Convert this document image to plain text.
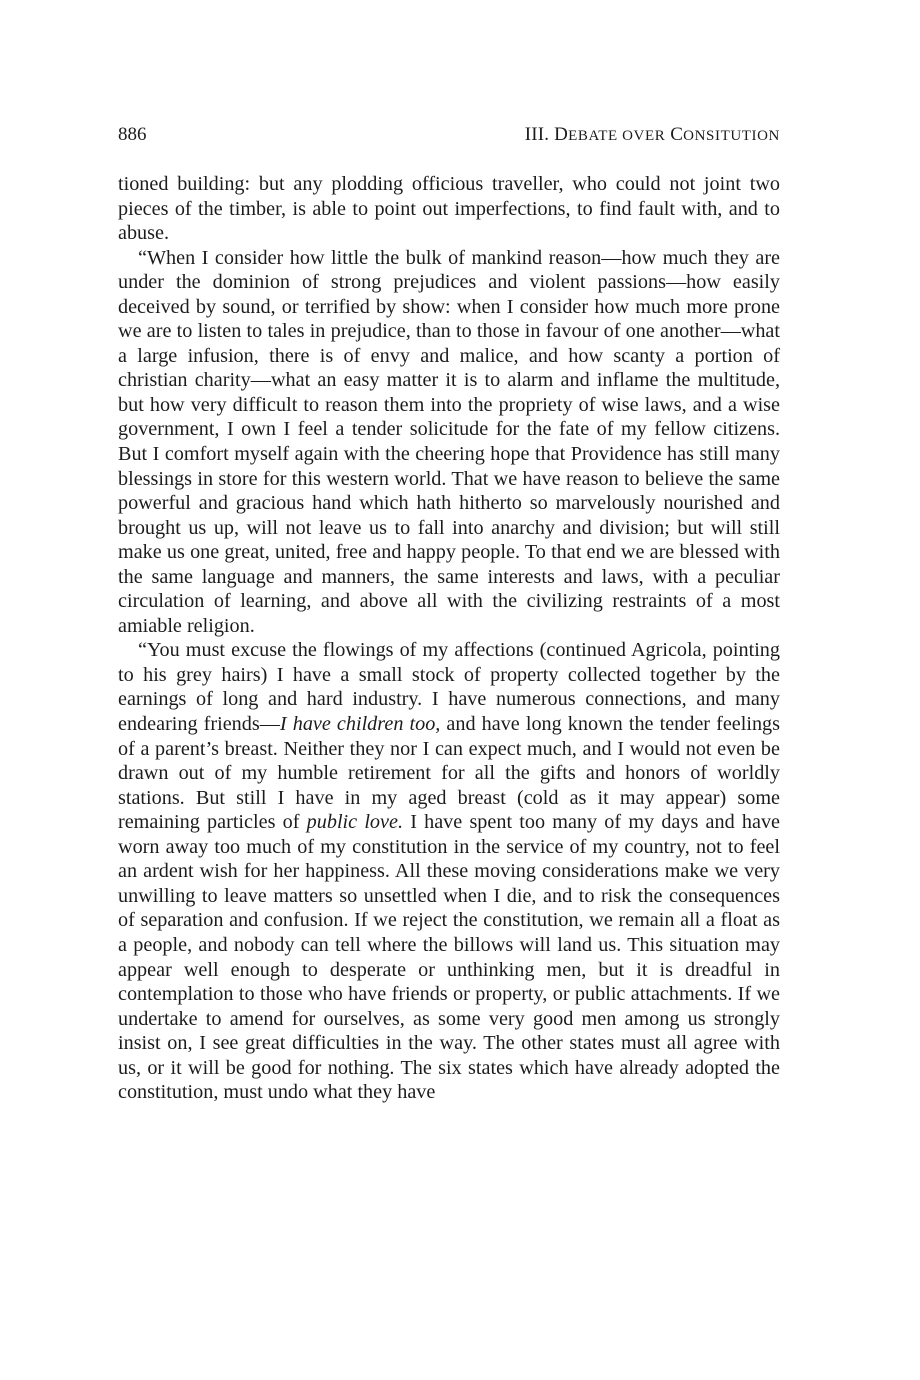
886	III. DEBATE OVER CONSITUTION

tioned building: but any plodding officious traveller, who could not joint two pieces of the timber, is able to point out imperfections, to find fault with, and to abuse.

“When I consider how little the bulk of mankind reason—how much they are under the dominion of strong prejudices and violent passions—how easily deceived by sound, or terrified by show: when I consider how much more prone we are to listen to tales in prejudice, than to those in favour of one another—what a large infusion, there is of envy and malice, and how scanty a portion of christian charity—what an easy matter it is to alarm and inflame the multitude, but how very difficult to reason them into the propriety of wise laws, and a wise government, I own I feel a tender solicitude for the fate of my fellow citizens. But I comfort myself again with the cheering hope that Providence has still many blessings in store for this western world. That we have reason to believe the same powerful and gracious hand which hath hitherto so marvelously nourished and brought us up, will not leave us to fall into anarchy and division; but will still make us one great, united, free and happy people. To that end we are blessed with the same language and manners, the same interests and laws, with a peculiar circulation of learning, and above all with the civilizing restraints of a most amiable religion.

“You must excuse the flowings of my affections (continued Agricola, pointing to his grey hairs) I have a small stock of property collected together by the earnings of long and hard industry. I have numerous connections, and many endearing friends—I have children too, and have long known the tender feelings of a parent’s breast. Neither they nor I can expect much, and I would not even be drawn out of my humble retirement for all the gifts and honors of worldly stations. But still I have in my aged breast (cold as it may appear) some remaining particles of public love. I have spent too many of my days and have worn away too much of my constitution in the service of my country, not to feel an ardent wish for her happiness. All these moving considerations make we very unwilling to leave matters so unsettled when I die, and to risk the consequences of separation and confusion. If we reject the constitution, we remain all a float as a people, and nobody can tell where the billows will land us. This situation may appear well enough to desperate or unthinking men, but it is dreadful in contemplation to those who have friends or property, or public attachments. If we undertake to amend for ourselves, as some very good men among us strongly insist on, I see great difficulties in the way. The other states must all agree with us, or it will be good for nothing. The six states which have already adopted the constitution, must undo what they have
